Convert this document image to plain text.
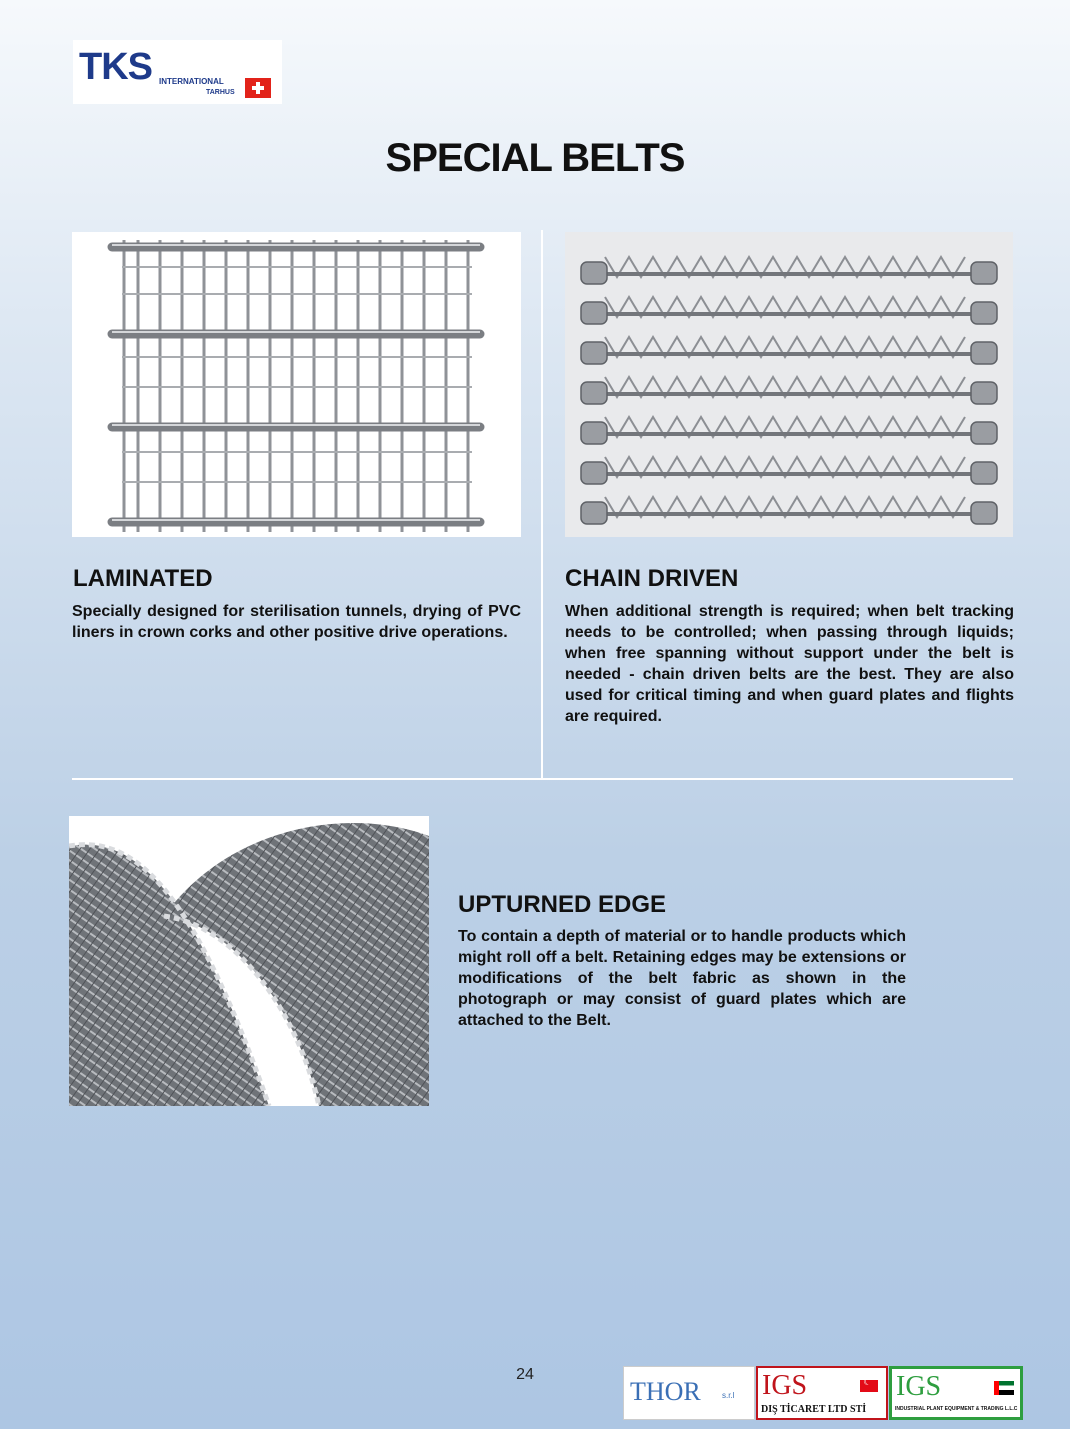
TKS INTERNATIONAL
TARHUS
SPECIAL BELTS
LAMINATED
Specially designed for sterilisation tunnels, drying of PVC liners in crown corks and other positive drive operations.
CHAIN DRIVEN
When additional strength is required; when belt tracking needs to be controlled; when passing through liquids; when free spanning without support under the belt is needed - chain driven belts are the best. They are also used for critical timing and when guard plates and flights are required.
UPTURNED EDGE
To contain a depth of material or to handle products which might roll off a belt. Retaining edges may be extensions or modifications of the belt fabric as shown in the photograph or may consist of guard plates which are attached to the Belt.
24
THOR	s.r.l IGS
☾
DIŞ TİCARET LTD STİ
IGS
INDUSTRIAL PLANT EQUIPMENT & TRADING L.L.C
